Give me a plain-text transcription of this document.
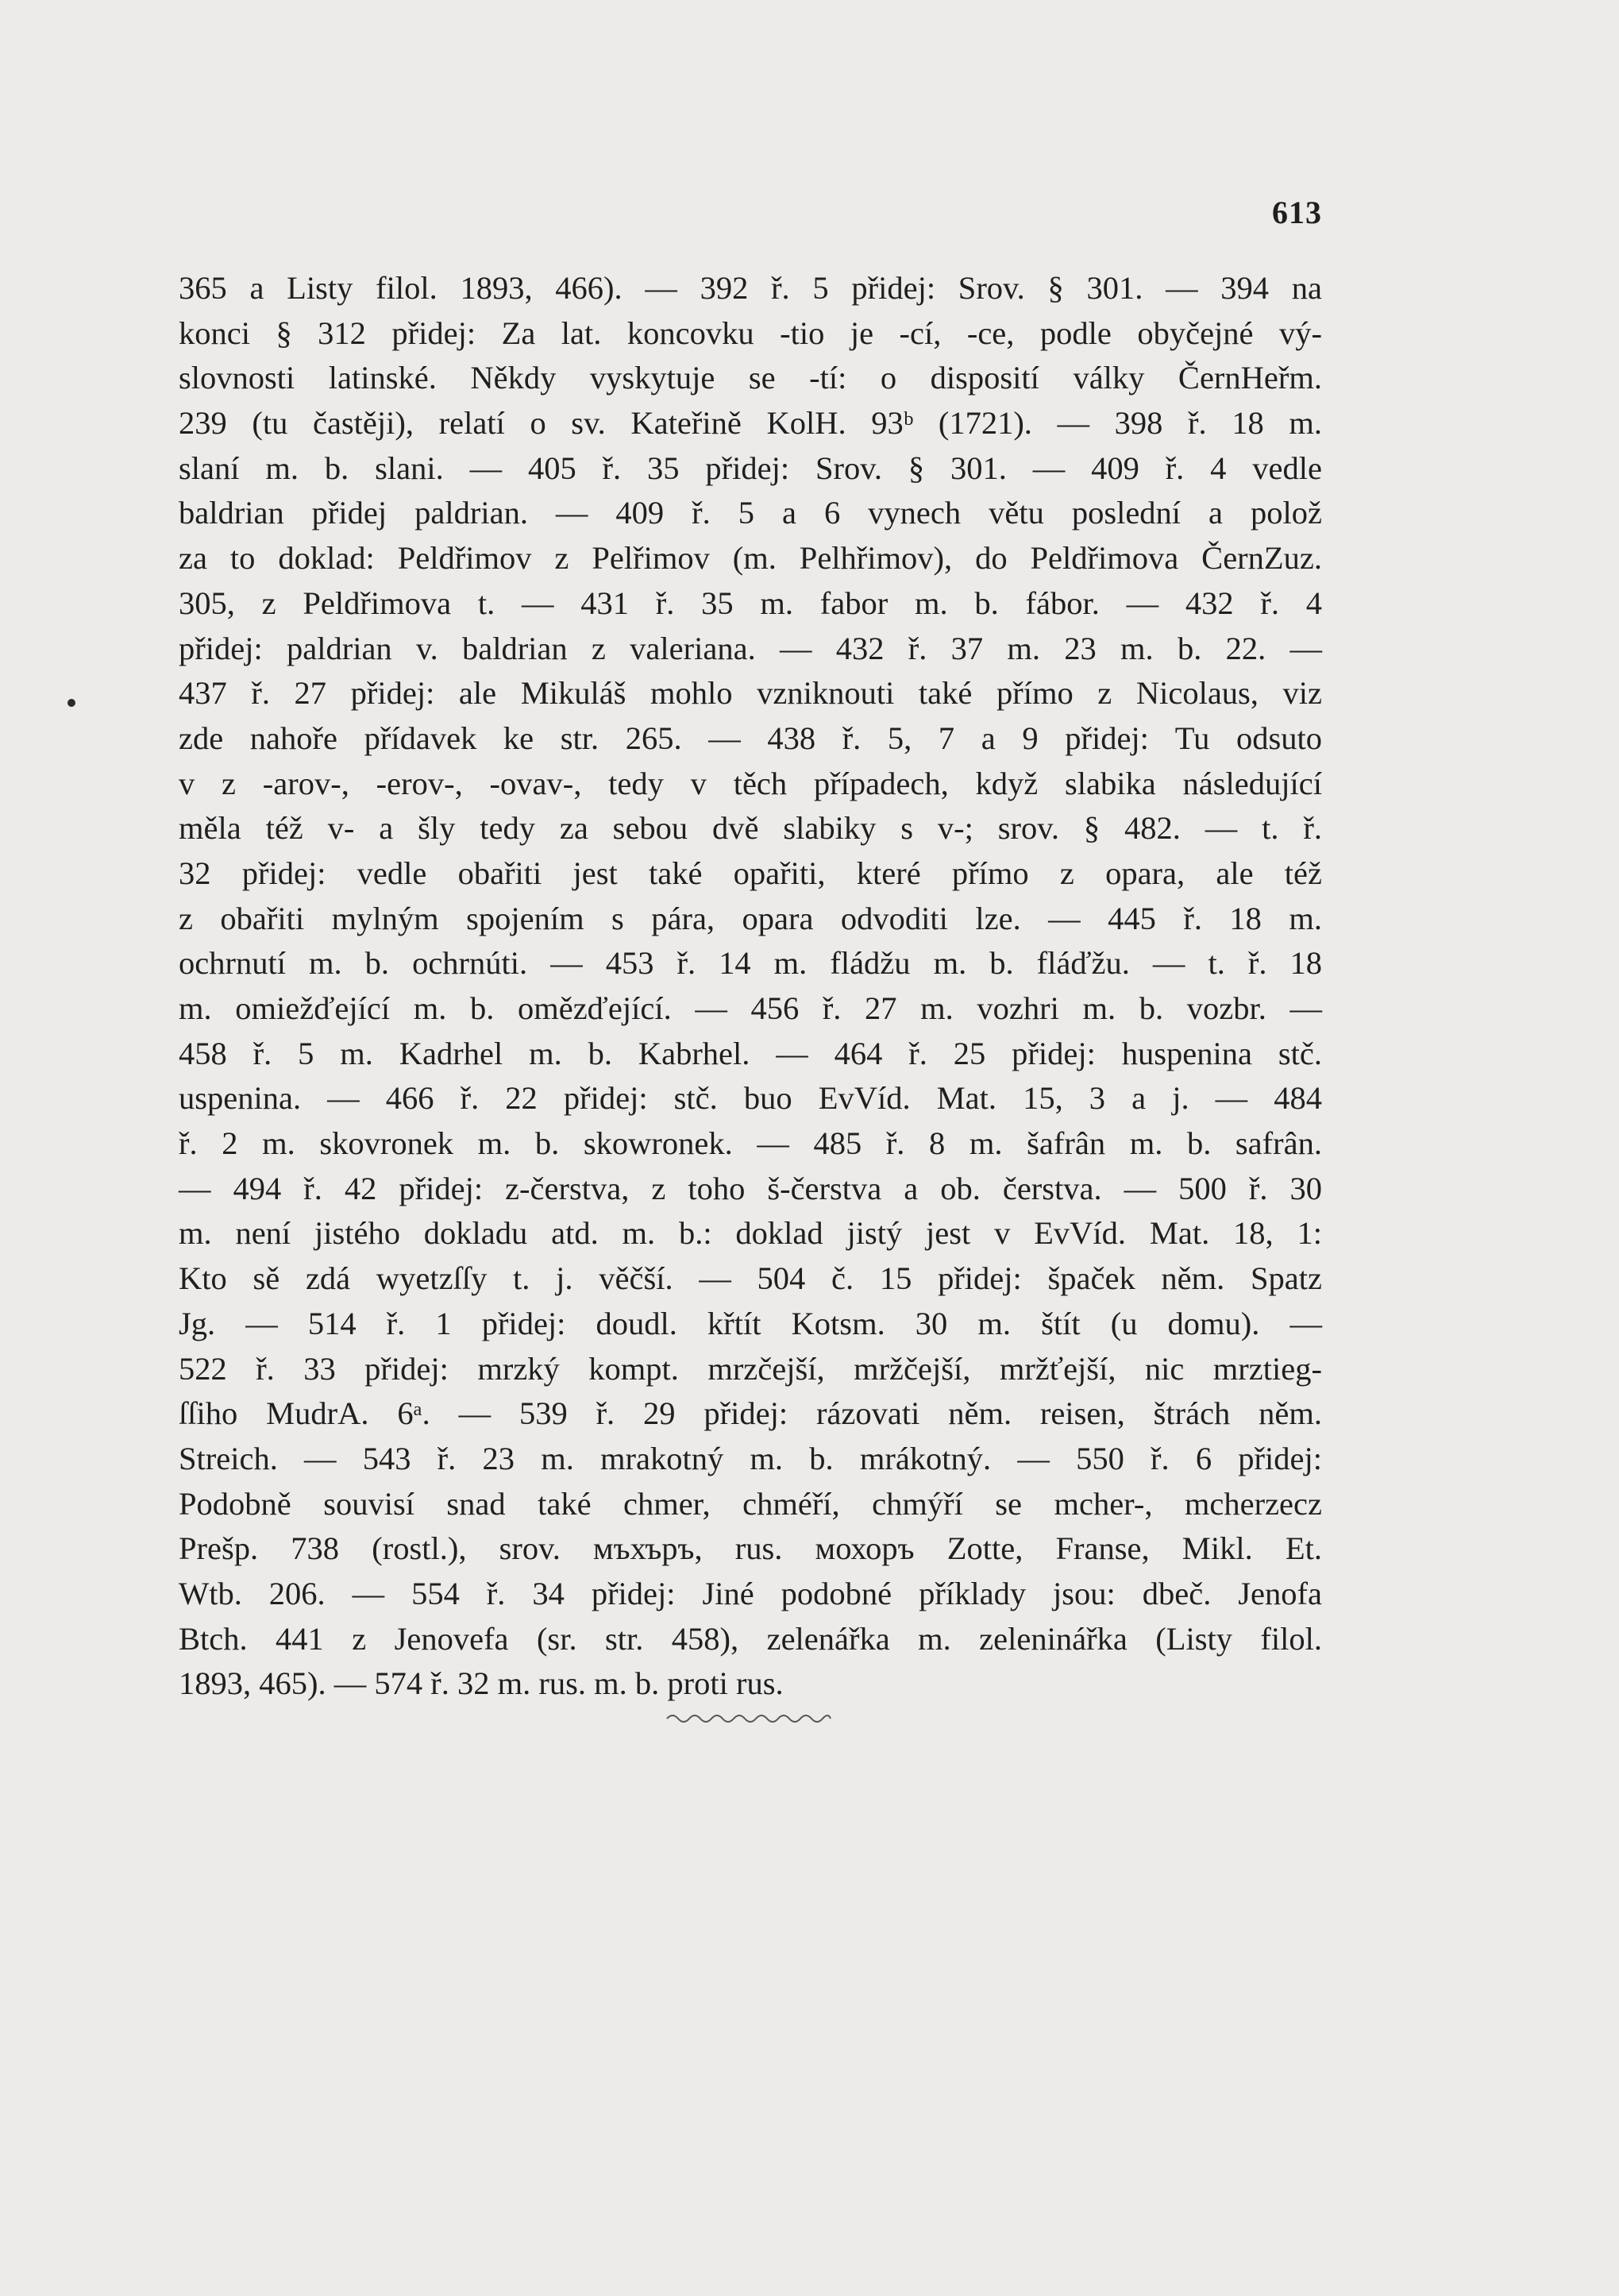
613
365 a Listy filol. 1893, 466). — 392 ř. 5 přidej: Srov. § 301. — 394 na
konci § 312 přidej: Za lat. koncovku -tio je -cí, -ce, podle obyčejné vý-
slovnosti latinské. Někdy vyskytuje se -tí: o disposití války ČernHeřm.
239 (tu častěji), relatí o sv. Kateřině KolH. 93ᵇ (1721). — 398 ř. 18 m.
slaní m. b. slani. — 405 ř. 35 přidej: Srov. § 301. — 409 ř. 4 vedle
baldrian přidej paldrian. — 409 ř. 5 a 6 vynech větu poslední a polož
za to doklad: Peldřimov z Pelřimov (m. Pelhřimov), do Peldřimova ČernZuz.
305, z Peldřimova t. — 431 ř. 35 m. fabor m. b. fábor. — 432 ř. 4
přidej: paldrian v. baldrian z valeriana. — 432 ř. 37 m. 23 m. b. 22. —
437 ř. 27 přidej: ale Mikuláš mohlo vzniknouti také přímo z Nicolaus, viz
zde nahoře přídavek ke str. 265. — 438 ř. 5, 7 a 9 přidej: Tu odsuto
v z -arov-, -erov-, -ovav-, tedy v těch případech, když slabika následující
měla též v- a šly tedy za sebou dvě slabiky s v-; srov. § 482. — t. ř.
32 přidej: vedle obařiti jest také opařiti, které přímo z opara, ale též
z obařiti mylným spojením s pára, opara odvoditi lze. — 445 ř. 18 m.
ochrnutí m. b. ochrnúti. — 453 ř. 14 m. fládžu m. b. fláďžu. — t. ř. 18
m. omiežďející m. b. omězďející. — 456 ř. 27 m. vozhri m. b. vozbr. —
458 ř. 5 m. Kadrhel m. b. Kabrhel. — 464 ř. 25 přidej: huspenina stč.
uspenina. — 466 ř. 22 přidej: stč. buo EvVíd. Mat. 15, 3 a j. — 484
ř. 2 m. skovronek m. b. skowronek. — 485 ř. 8 m. šafrân m. b. safrân.
— 494 ř. 42 přidej: z-čerstva, z toho š-čerstva a ob. čerstva. — 500 ř. 30
m. není jistého dokladu atd. m. b.: doklad jistý jest v EvVíd. Mat. 18, 1:
Kto sě zdá wyetzſſy t. j. věčší. — 504 č. 15 přidej: špaček něm. Spatz
Jg. — 514 ř. 1 přidej: doudl. křtít Kotsm. 30 m. štít (u domu). —
522 ř. 33 přidej: mrzký kompt. mrzčejší, mržčejší, mržťejší, nic mrztieg-
ſſiho MudrA. 6ᵃ. — 539 ř. 29 přidej: rázovati něm. reisen, štrách něm.
Streich. — 543 ř. 23 m. mrakotný m. b. mrákotný. — 550 ř. 6 přidej:
Podobně souvisí snad také chmer, chméří, chmýří se mcher-, mcherzecz
Prešp. 738 (rostl.), srov. мъхъръ, rus. мохоръ Zotte, Franse, Mikl. Et.
Wtb. 206. — 554 ř. 34 přidej: Jiné podobné příklady jsou: dbeč. Jenofa
Btch. 441 z Jenovefa (sr. str. 458), zelenářka m. zeleninářka (Listy filol.
1893, 465). — 574 ř. 32 m. rus. m. b. proti rus.
